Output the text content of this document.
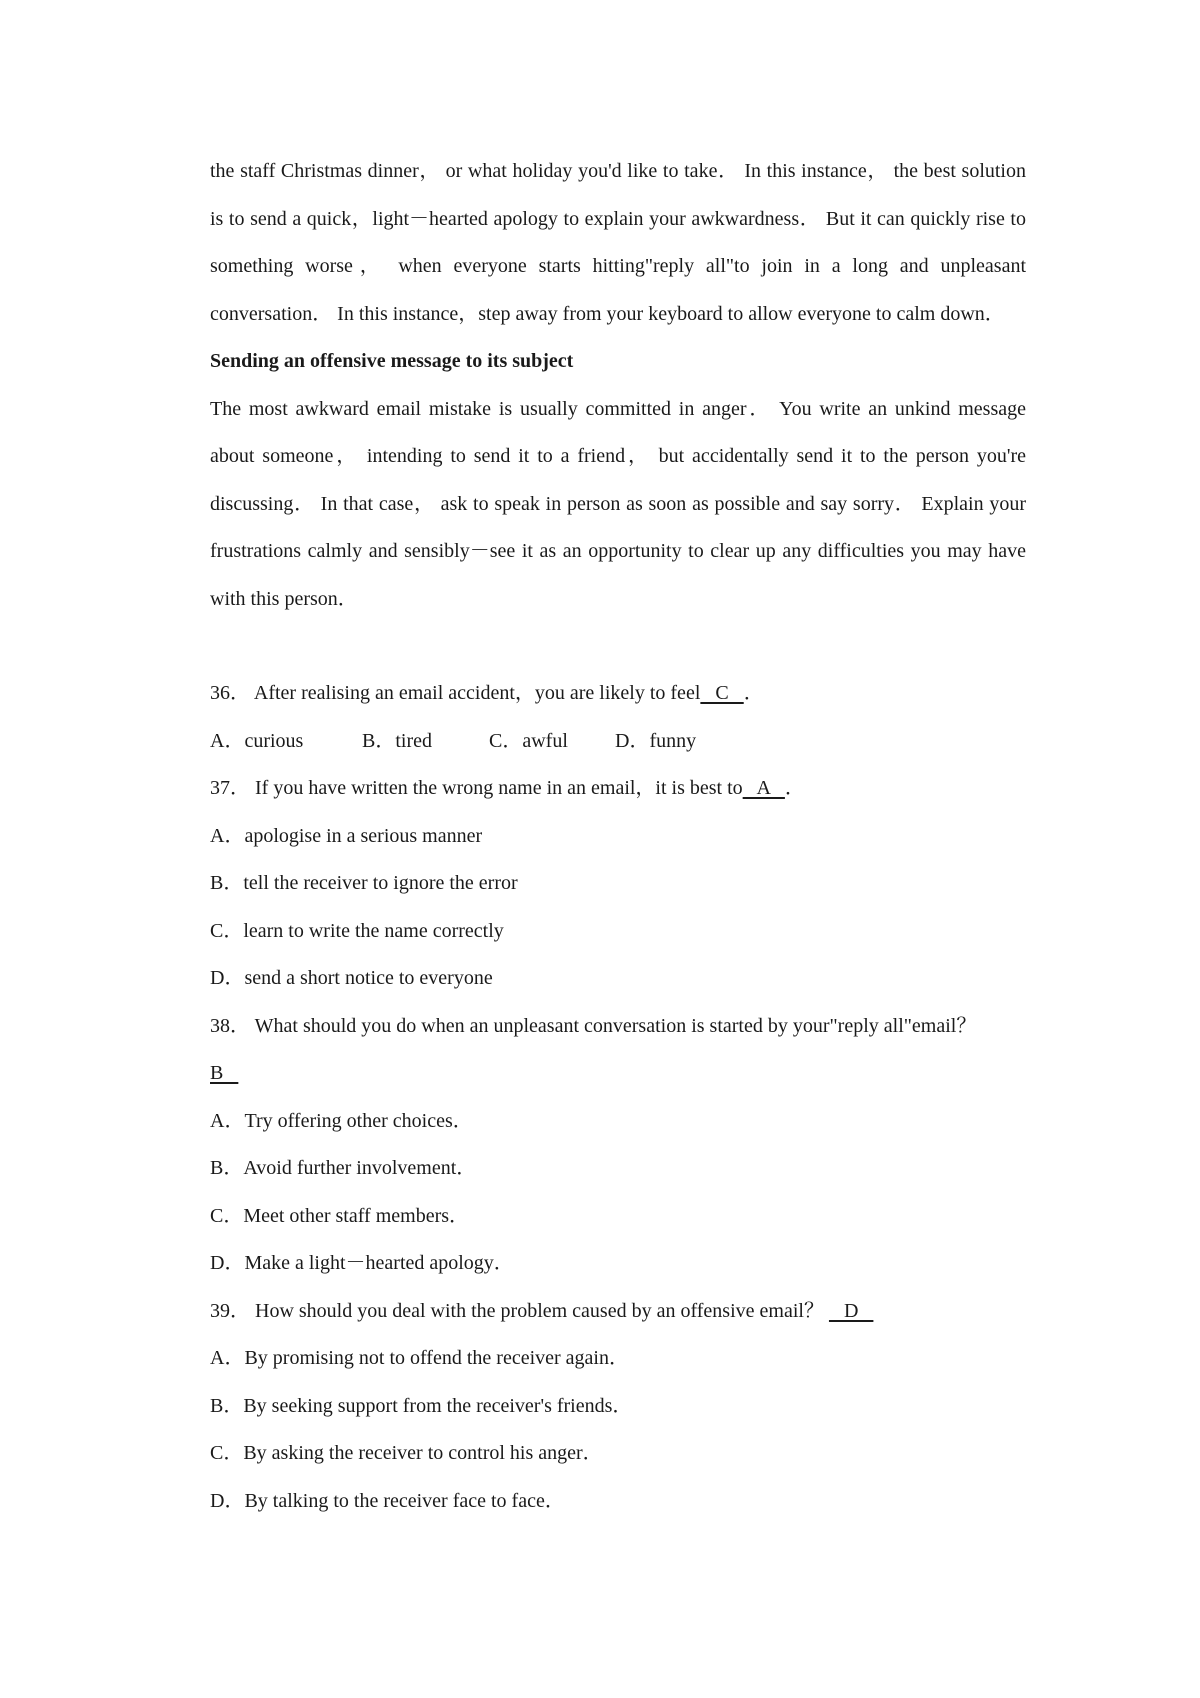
the staff Christmas dinner， or what holiday you'd like to take． In this instance， the best solution is to send a quick，light－hearted apology to explain your awkwardness． But it can quickly rise to something worse， when everyone starts hitting"reply all"to join in a long and unpleasant conversation． In this instance，step away from your keyboard to allow everyone to calm down．

Sending an offensive message to its subject

The most awkward email mistake is usually committed in anger． You write an unkind message about someone， intending to send it to a friend， but accidentally send it to the person you're discussing． In that case， ask to speak in person as soon as possible and say sorry． Explain your frustrations calmly and sensibly－see it as an opportunity to clear up any difficulties you may have with this person．

36． After realising an email accident，you are likely to feel   C   ．

A．curious	B．tired	C．awful D．funny

37． If you have written the wrong name in an email，it is best to   A   ．

A．apologise in a serious manner

B．tell the receiver to ignore the error

C．learn to write the name correctly

D．send a short notice to everyone

38． What should you do when an unpleasant conversation is started by your"reply all"email？

B

A．Try offering other choices．

B．Avoid further involvement．

C．Meet other staff members．

D．Make a light－hearted apology．

39． How should you deal with the problem caused by an offensive email？    D

A．By promising not to offend the receiver again．

B．By seeking support from the receiver's friends．

C．By asking the receiver to control his anger．

D．By talking to the receiver face to face．
